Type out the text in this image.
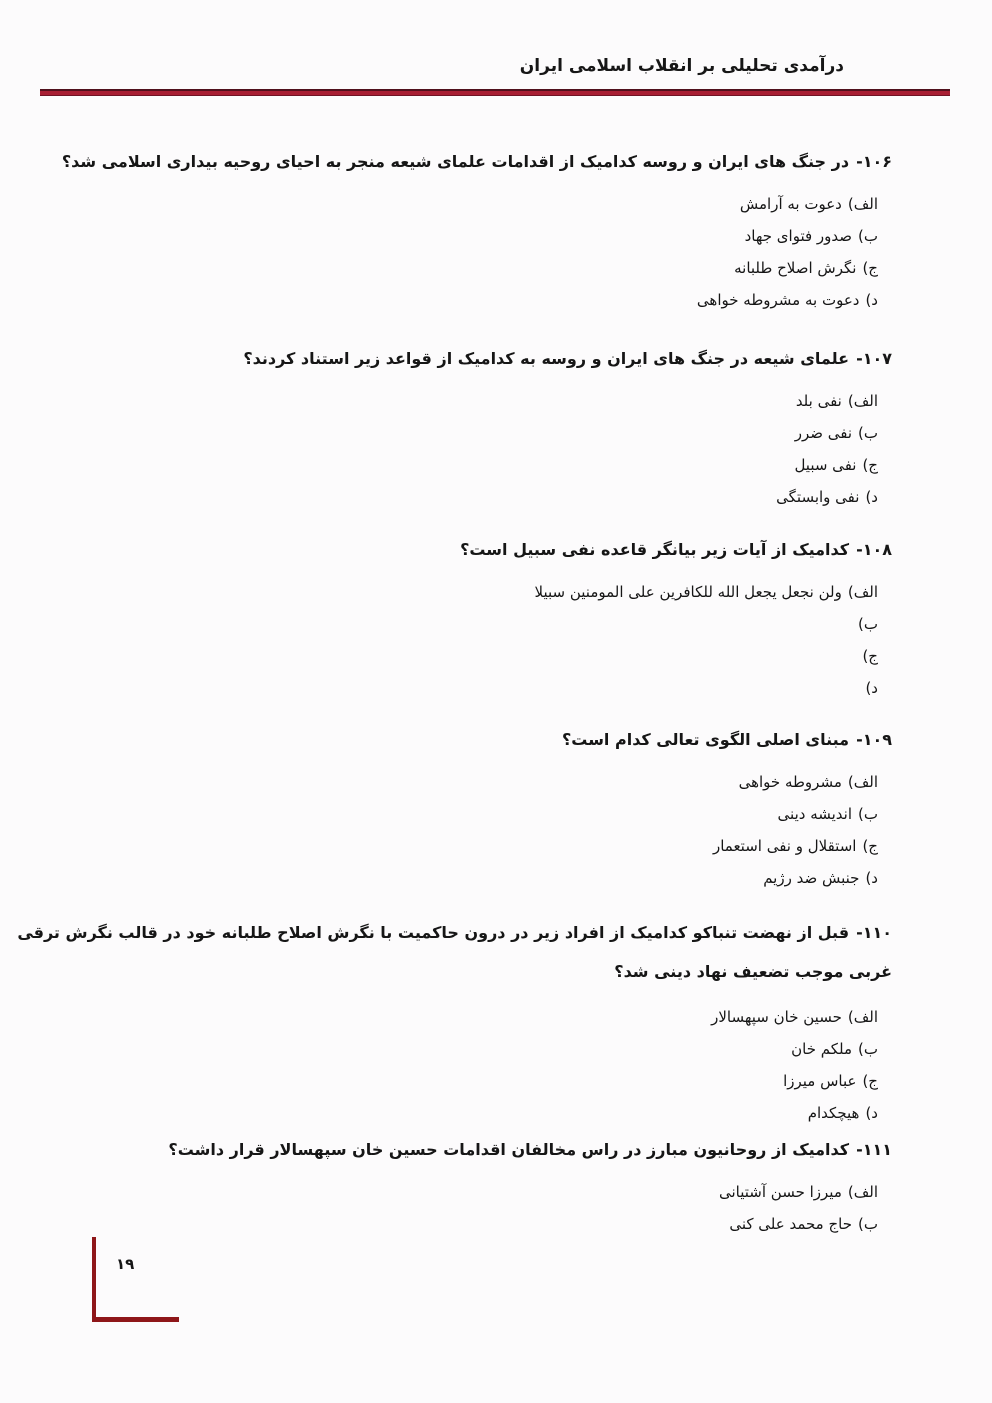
درآمدی تحلیلی بر انقلاب اسلامی ایران
۱۰۶-در جنگ های ایران و روسه کدامیک از اقدامات علمای شیعه منجر به احیای روحیه بیداری اسلامی شد؟
الف)دعوت به آرامش
ب)صدور فتوای جهاد
ج)نگرش اصلاح طلبانه
د)دعوت به مشروطه خواهی
۱۰۷-علمای شیعه در جنگ های ایران و روسه به کدامیک از قواعد زیر استناد کردند؟
الف)نفی بلد
ب)نفی ضرر
ج)نفی سبیل
د)نفی وابستگی
۱۰۸-کدامیک از آیات زیر بیانگر قاعده نفی سبیل است؟
الف)ولن نجعل یجعل الله للکافرین علی المومنین سبیلا
ب)
ج)
د)
۱۰۹-مبنای اصلی الگوی تعالی کدام است؟
الف)مشروطه خواهی
ب)اندیشه دینی
ج)استقلال و نفی استعمار
د)جنبش ضد رژیم
۱۱۰-قبل از نهضت تنباکو کدامیک از افراد زیر در درون حاکمیت با نگرش اصلاح طلبانه خود در قالب نگرش ترقی
غربی موجب تضعیف نهاد دینی شد؟
الف)حسین خان سپهسالار
ب)ملکم خان
ج)عباس میرزا
د)هیچکدام
۱۱۱-کدامیک از روحانیون مبارز در راس مخالفان اقدامات حسین خان سپهسالار قرار داشت؟
الف)میرزا حسن آشتیانی
ب)حاج محمد علی کنی
۱۹
